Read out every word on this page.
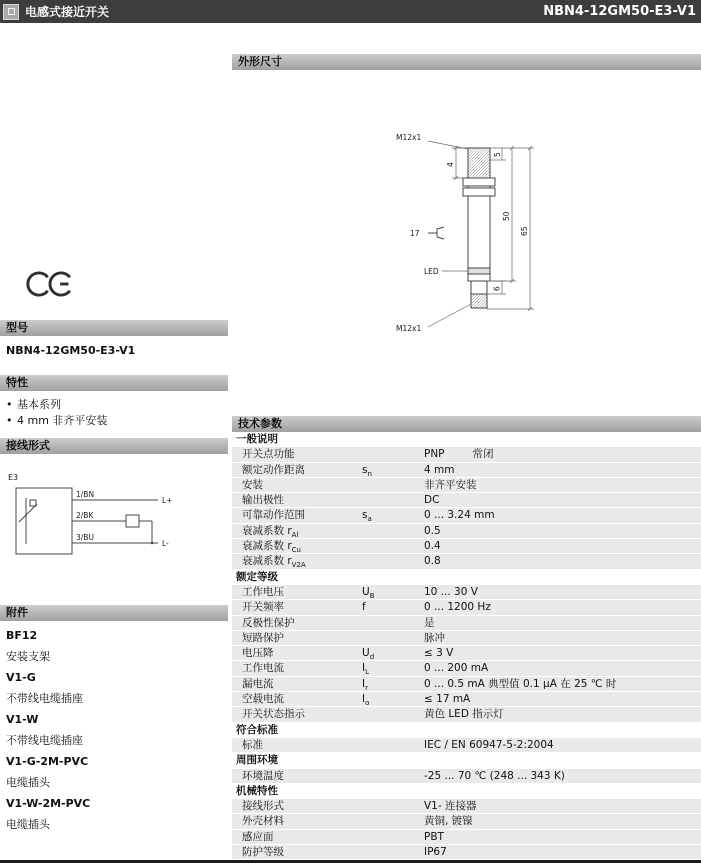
电感式接近开关	NBN4-12GM50-E3-V1
型号
NBN4-12GM50-E3-V1
特性
• 基本系列
• 4 mm 非齐平安装
接线形式
E3
1/BN
2/BK
3/BU
L+
L-
附件
BF12
安装支架
V1-G
不带线电缆插座
V1-W
不带线电缆插座
V1-G-2M-PVC
电缆插头
V1-W-2M-PVC
电缆插头
外形尺寸
M12x1
5
4
50
65
17
LED
6
M12x1
技术参数
一般说明
开关点功能	PNP	常闭
额定动作距离	$s_n$	4 mm
安装	非齐平安装
输出极性	DC
可靠动作范围	$s_a$	0 ... 3.24 mm
衰减系数 $r_{Al}$	0.5
衰减系数 $r_{Cu}$	0.4
衰减系数 $r_{V2A}$	0.8
额定等级
工作电压	$U_B$	10 ... 30 V
开关频率	f	0 ... 1200 Hz
反极性保护	是
短路保护	脉冲
电压降	$U_d$	≤ 3 V
工作电流	$I_L$	0 ... 200 mA
漏电流	$I_r$	0 ... 0.5 mA 典型值 0.1 μA 在 25 ℃ 时
空载电流	$I_o$	≤ 17 mA
开关状态指示	黄色 LED 指示灯
符合标准
标准	IEC / EN 60947-5-2:2004
周围环境
环境温度	-25 ... 70 ℃ (248 ... 343 K)
机械特性
接线形式	V1- 连接器
外壳材料	黄铜, 镀镍
感应面	PBT
防护等级	IP67
